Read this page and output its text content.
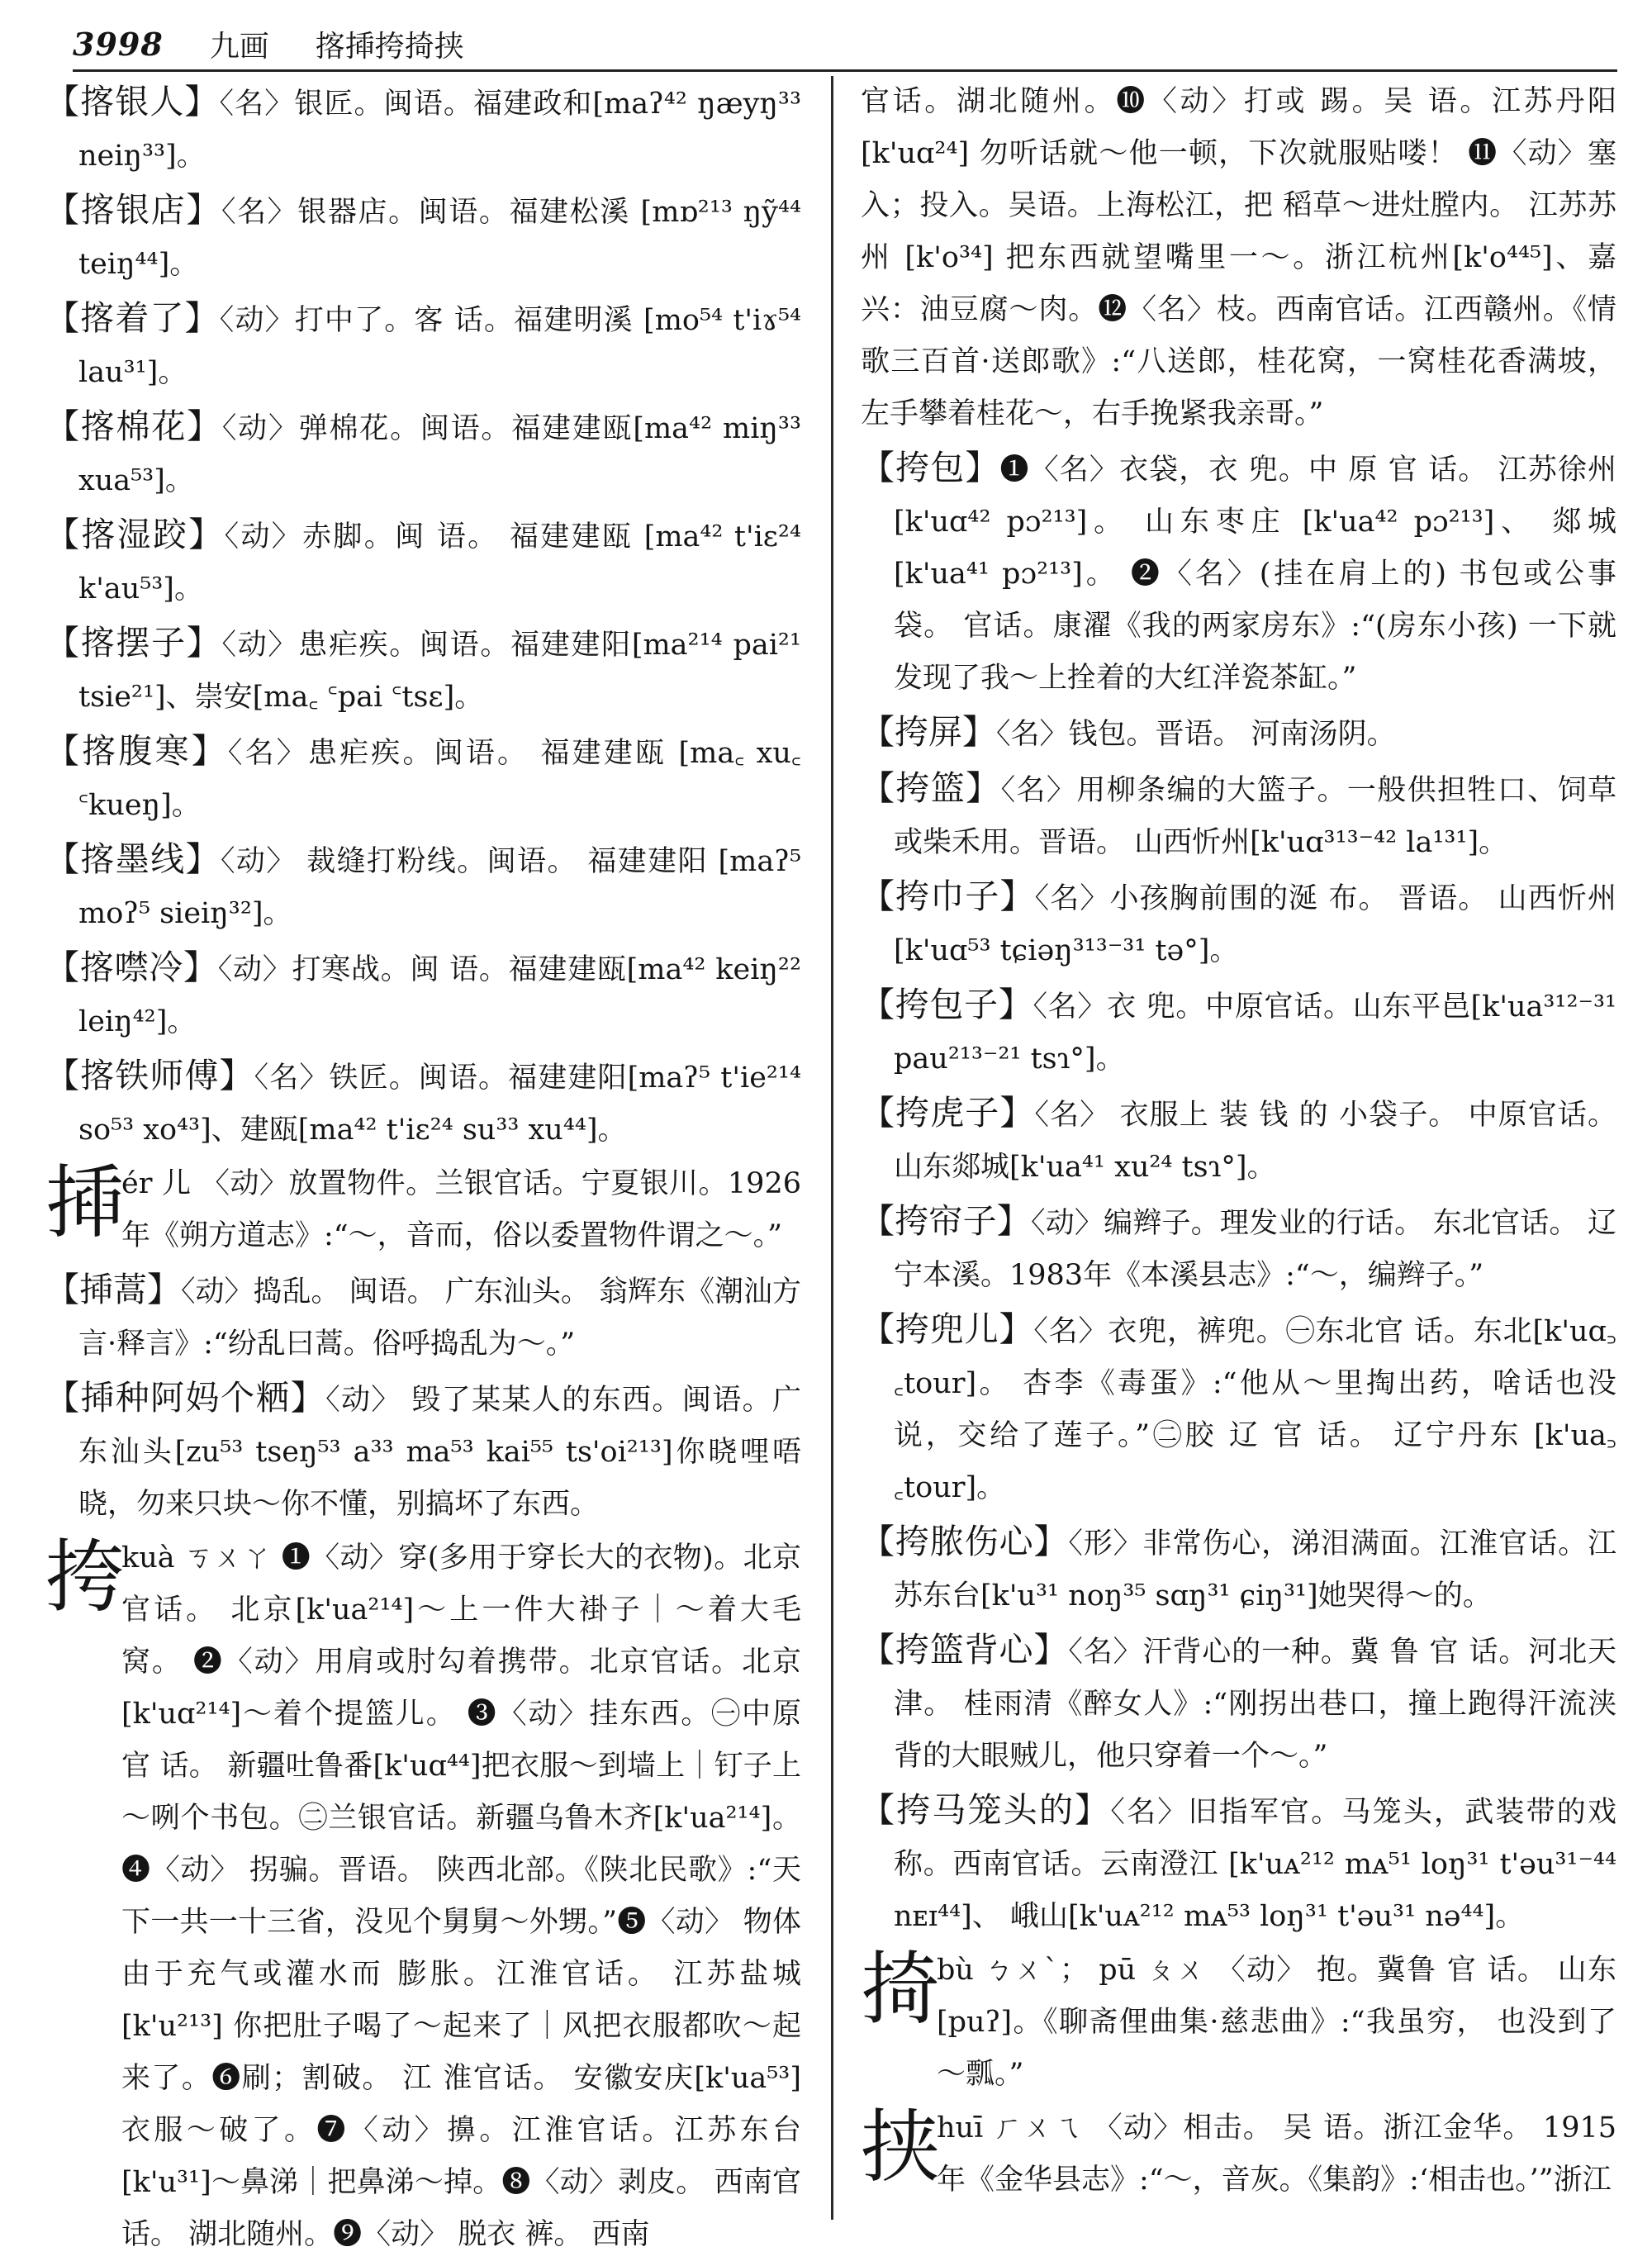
3998 九画 揢揷挎掎挟

【揢银人】〈名〉银匠。闽语。福建政和[maʔ⁴² ŋæyŋ³³ neiŋ³³]。

【揢银店】〈名〉银器店。闽语。福建松溪 [mɒ²¹³ ŋỹ⁴⁴ teiŋ⁴⁴]。

【揢着了】〈动〉打中了。客 话。福建明溪 [mo⁵⁴ t'iɤ⁵⁴ lau³¹]。

【揢棉花】〈动〉弹棉花。闽语。福建建瓯[ma⁴² miŋ³³ xua⁵³]。

【揢湿跤】〈动〉赤脚。闽 语。 福建建瓯 [ma⁴² t'iɛ²⁴ k'au⁵³]。

【揢摆子】〈动〉患疟疾。闽语。福建建阳[ma²¹⁴ pai²¹ tsie²¹]、崇安[ma꜀ ꜂pai ꜂tsɛ]。

【揢腹寒】〈名〉患疟疾。闽语。 福建建瓯 [ma꜀ xu꜀ ꜂kueŋ]。

【揢墨线】〈动〉 裁缝打粉线。闽语。 福建建阳 [maʔ⁵ moʔ⁵ sieiŋ³²]。

【揢噤冷】〈动〉打寒战。闽 语。福建建瓯[ma⁴² keiŋ²² leiŋ⁴²]。

【揢铁师傅】〈名〉铁匠。闽语。福建建阳[maʔ⁵ t'ie²¹⁴ so⁵³ xo⁴³]、建瓯[ma⁴² t'iɛ²⁴ su³³ xu⁴⁴]。

揷
ér 儿 〈动〉放置物件。兰银官话。宁夏银川。1926 年《朔方道志》:“～，音而，俗以委置物件谓之～。”

【揷蒿】〈动〉捣乱。 闽语。 广东汕头。 翁辉东《潮汕方言·释言》:“纷乱曰蒿。俗呼捣乱为～。”

【揷种阿妈个粞】〈动〉 毁了某某人的东西。闽语。广东汕头[zu⁵³ tseŋ⁵³ a³³ ma⁵³ kai⁵⁵ ts'oi²¹³]你晓哩唔晓，勿来只块～你不懂，别搞坏了东西。

挎
kuà ㄎㄨㄚ ❶〈动〉穿(多用于穿长大的衣物)。北京官话。 北京[k'ua²¹⁴]～上一件大褂子｜～着大毛 窝。 ❷〈动〉用肩或肘勾着携带。北京官话。北京[k'uɑ²¹⁴]～着个提篮儿。 ❸〈动〉挂东西。㊀中原 官 话。 新疆吐鲁番[k'uɑ⁴⁴]把衣服～到墙上｜钉子上～咧个书包。㊁兰银官话。新疆乌鲁木齐[k'ua²¹⁴]。 ❹〈动〉 拐骗。晋语。 陕西北部。《陕北民歌》:“天下一共一十三省，没见个舅舅～外甥。”❺〈动〉 物体由于充气或灌水而 膨胀。江淮官话。 江苏盐城[k'u²¹³] 你把肚子喝了～起来了｜风把衣服都吹～起来了。❻刷；割破。 江 淮官话。 安徽安庆[k'ua⁵³]衣服～破了。❼〈动〉擤。江淮官话。江苏东台[k'u³¹]～鼻涕｜把鼻涕～掉。❽〈动〉剥皮。 西南官话。 湖北随州。❾〈动〉 脱衣 裤。 西南

官话。湖北随州。❿〈动〉打或 踢。吴 语。江苏丹阳[k'uɑ²⁴] 勿听话就～他一顿，下次就服贴喽！ ⓫〈动〉塞入；投入。吴语。上海松江，把 稻草～进灶膛内。 江苏苏州 [k'o³⁴] 把东西就望嘴里一～。浙江杭州[k'o⁴⁴⁵]、嘉兴：油豆腐～肉。⓬〈名〉枝。西南官话。江西赣州。《情歌三百首·送郎歌》:“八送郎，桂花窝，一窝桂花香满坡，左手攀着桂花～，右手挽紧我亲哥。”

【挎包】❶〈名〉衣袋，衣 兜。中 原 官 话。 江苏徐州[k'uɑ⁴² pɔ²¹³]。 山东枣庄 [k'ua⁴² pɔ²¹³]、 郯城 [k'ua⁴¹ pɔ²¹³]。 ❷〈名〉(挂在肩上的) 书包或公事 袋。 官话。康濯《我的两家房东》:“(房东小孩) 一下就发现了我～上拴着的大红洋瓷茶缸。”

【挎屏】〈名〉钱包。晋语。 河南汤阴。

【挎篮】〈名〉用柳条编的大篮子。一般供担牲口、饲草或柴禾用。晋语。 山西忻州[k'uɑ³¹³⁻⁴² la¹³¹]。

【挎巾子】〈名〉小孩胸前围的涎 布。 晋语。 山西忻州[k'uɑ⁵³ tɕiəŋ³¹³⁻³¹ tə°]。

【挎包子】〈名〉衣 兜。中原官话。山东平邑[k'ua³¹²⁻³¹ pau²¹³⁻²¹ tsɿ°]。

【挎虎子】〈名〉 衣服上 装 钱 的 小袋子。 中原官话。山东郯城[k'ua⁴¹ xu²⁴ tsɿ°]。

【挎帘子】〈动〉编辫子。理发业的行话。 东北官话。 辽宁本溪。1983年《本溪县志》:“～，编辫子。”

【挎兜儿】〈名〉衣兜，裤兜。㊀东北官 话。东北[k'uɑ꜆ ꜀tour]。 杏李《毒蛋》:“他从～里掏出药，啥话也没说，交给了莲子。”㊁胶 辽 官 话。 辽宁丹东 [k'ua꜆ ꜀tour]。

【挎脓伤心】〈形〉非常伤心，涕泪满面。江淮官话。江苏东台[k'u³¹ noŋ³⁵ sɑŋ³¹ ɕiŋ³¹]她哭得～的。

【挎篮背心】〈名〉汗背心的一种。冀 鲁 官 话。河北天津。 桂雨清《醉女人》:“刚拐出巷口，撞上跑得汗流浃背的大眼贼儿，他只穿着一个～。”

【挎马笼头的】〈名〉旧指军官。马笼头，武装带的戏称。西南官话。云南澄江 [k'uᴀ²¹² mᴀ⁵¹ loŋ³¹ t'əu³¹⁻⁴⁴ nᴇɪ⁴⁴]、 峨山[k'uᴀ²¹² mᴀ⁵³ loŋ³¹ t'əu³¹ nə⁴⁴]。

掎
bù ㄅㄨˋ； pū ㄆㄨ 〈动〉 抱。冀鲁 官 话。 山东[puʔ]。《聊斋俚曲集·慈悲曲》:“我虽穷， 也没到了～瓢。”
挟
huī ㄏㄨㄟ 〈动〉相击。 吴 语。浙江金华。 1915年《金华县志》:“～，音灰。《集韵》:‘相击也。’”浙江
